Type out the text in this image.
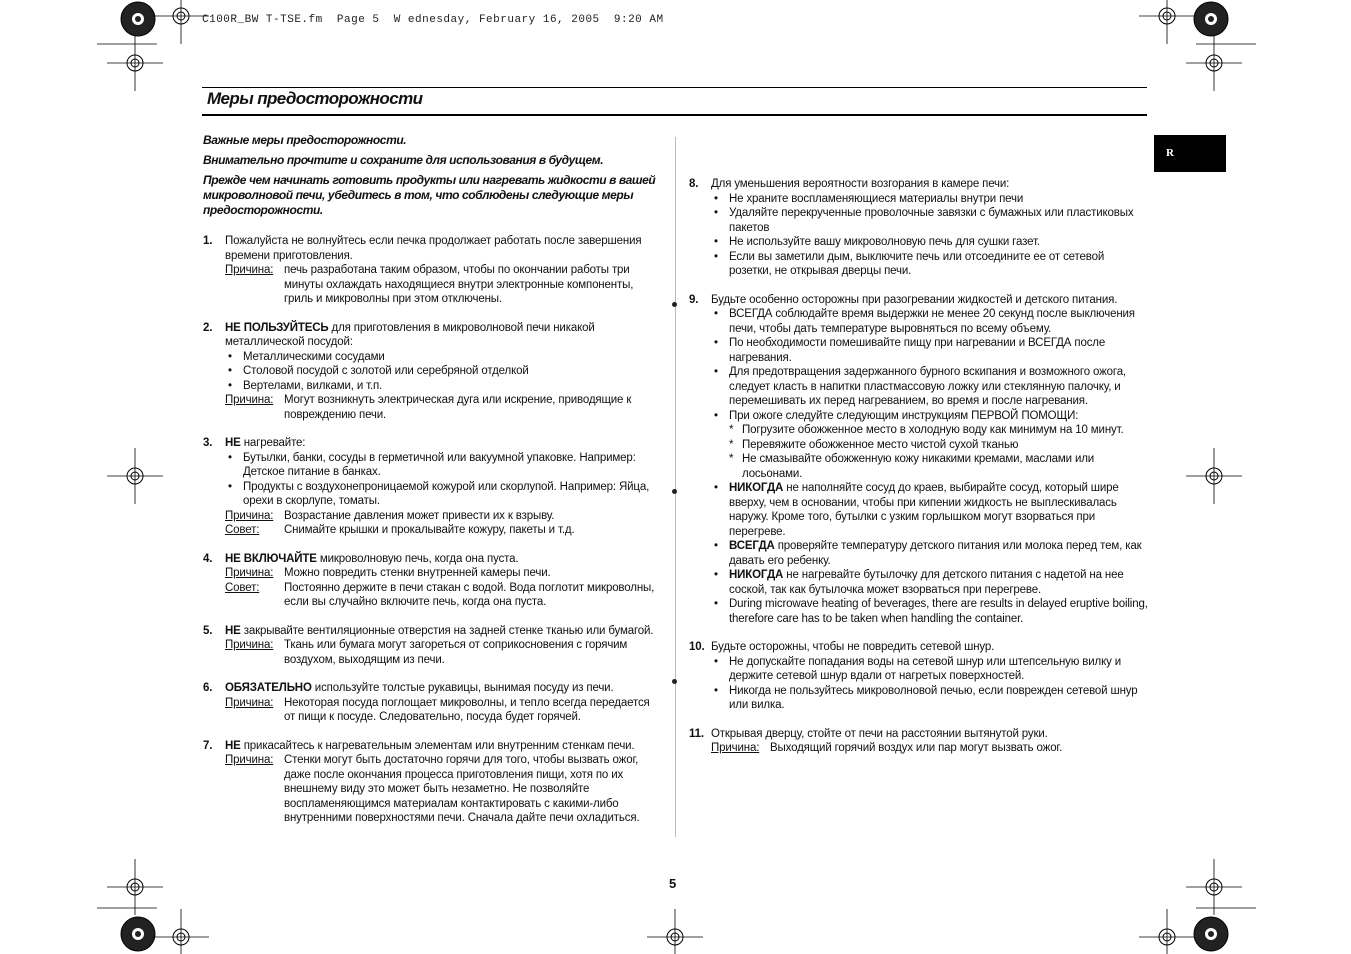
C100R_BW T-TSE.fm  Page 5  W ednesday, February 16, 2005  9:20 AM
Меры предосторожности
R
Важные меры предосторожности.
Внимательно прочтите и сохраните для использования в будущем.
Прежде чем начинать готовить продукты или нагревать жидкости в вашей микроволновой печи, убедитесь в том, что соблюдены следующие меры предосторожности.
1. Пожалуйста не волнуйтесь если печка продолжает работать после завершения времени приготовления.
Причина: печь разработана таким образом, чтобы по окончании работы три минуты охлаждать находящиеся внутри электронные компоненты, гриль и микроволны при этом отключены.
2. НЕ ПОЛЬЗУЙТЕСЬ для приготовления в микроволновой печи никакой металлической посудой:
• Металлическими сосудами
• Столовой посудой с золотой или серебряной отделкой
• Вертелами, вилками, и т.п.
Причина: Могут возникнуть электрическая дуга или искрение, приводящие к повреждению печи.
3. НЕ нагревайте:
• Бутылки, банки, сосуды в герметичной или вакуумной упаковке. Например: Детское питание в банках.
• Продукты с воздухонепроницаемой кожурой или скорлупой. Например: Яйца, орехи в скорлупе, томаты.
Причина: Возрастание давления может привести их к взрыву.
Совет:	Снимайте крышки и прокалывайте кожуру, пакеты и т.д.
4. НЕ ВКЛЮЧАЙТЕ микроволновую печь, когда она пуста.
Причина: Можно повредить стенки внутренней камеры печи.
Совет:	Постоянно держите в печи стакан с водой. Вода поглотит микроволны, если вы случайно включите печь, когда она пуста.
5. НЕ закрывайте вентиляционные отверстия на задней стенке тканью или бумагой.
Причина: Ткань или бумага могут загореться от соприкосновения с горячим воздухом, выходящим из печи.
6. ОБЯЗАТЕЛЬНО используйте толстые рукавицы, вынимая посуду из печи.
Причина: Некоторая посуда поглощает микроволны, и тепло всегда передается от пищи к посуде. Следовательно, посуда будет горячей.
7. НЕ прикасайтесь к нагревательным элементам или внутренним стенкам печи.
Причина: Стенки могут быть достаточно горячи для того, чтобы вызвать ожог, даже после окончания процесса приготовления пищи, хотя по их внешнему виду это может быть незаметно. Не позволяйте воспламеняющимся материалам контактировать с какими-либо внутренними поверхностями печи. Сначала дайте печи охладиться.
8. Для уменьшения вероятности возгорания в камере печи:
• Не храните воспламеняющиеся материалы внутри печи
• Удаляйте перекрученные проволочные завязки с бумажных или пластиковых пакетов
• Не используйте вашу микроволновую печь для сушки газет.
• Если вы заметили дым, выключите печь или отсоедините ее от сетевой розетки, не открывая дверцы печи.
9. Будьте особенно осторожны при разогревании жидкостей и детского питания.
• ВСЕГДА соблюдайте время выдержки не менее 20 секунд после выключения печи, чтобы дать температуре выровняться по всему объему.
• По необходимости помешивайте пищу при нагревании и ВСЕГДА после нагревания.
• Для предотвращения задержанного бурного вскипания и возможного ожога, следует класть в напитки пластмассовую ложку или стеклянную палочку, и перемешивать их перед нагреванием, во время и после нагревания.
• При ожоге следуйте следующим инструкциям ПЕРВОЙ ПОМОЩИ:
* Погрузите обожженное место в холодную воду как минимум на 10 минут.
* Перевяжите обожженное место чистой сухой тканью
* Не смазывайте обожженную кожу никакими кремами, маслами или лосьонами.
• НИКОГДА не наполняйте сосуд до краев, выбирайте сосуд, который шире вверху, чем в основании, чтобы при кипении жидкость не выплескивалась наружу. Кроме того, бутылки с узким горлышком могут взорваться при перегреве.
• ВСЕГДА проверяйте температуру детского питания или молока перед тем, как давать его ребенку.
• НИКОГДА не нагревайте бутылочку для детского питания с надетой на нее соской, так как бутылочка может взорваться при перегреве.
• During microwave heating of beverages, there are results in delayed eruptive boiling, therefore care has to be taken when handling the container.
10. Будьте осторожны, чтобы не повредить сетевой шнур.
• Не допускайте попадания воды на сетевой шнур или штепсельную вилку и держите сетевой шнур вдали от нагретых поверхностей.
• Никогда не пользуйтесь микроволновой печью, если поврежден сетевой шнур или вилка.
11. Открывая дверцу, стойте от печи на расстоянии вытянутой руки.
Причина: Выходящий горячий воздух или пар могут вызвать ожог.
5
